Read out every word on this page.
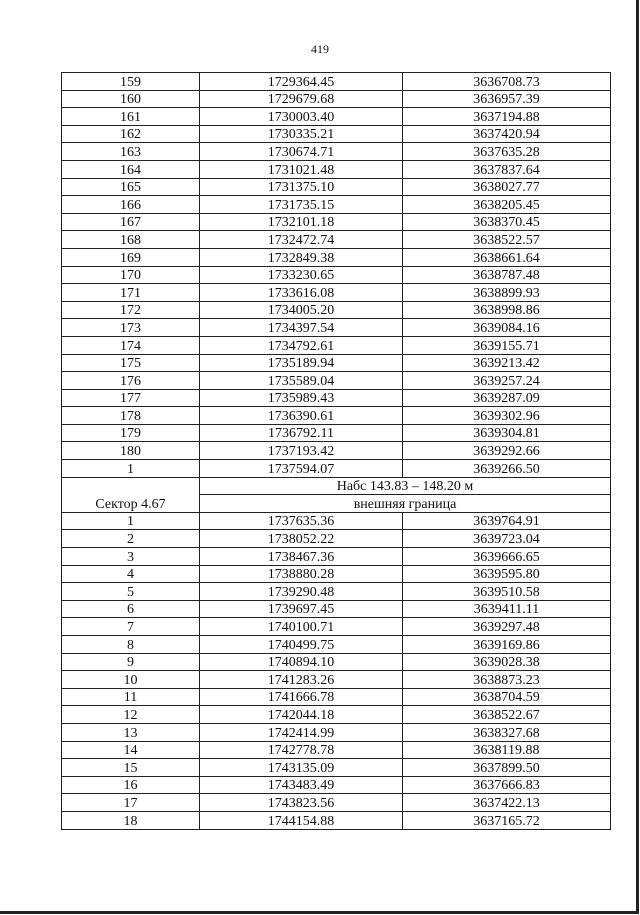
419
159	1729364.45	3636708.73
160	1729679.68	3636957.39
161	1730003.40	3637194.88
162	1730335.21	3637420.94
163	1730674.71	3637635.28
164	1731021.48	3637837.64
165	1731375.10	3638027.77
166	1731735.15	3638205.45
167	1732101.18	3638370.45
168	1732472.74	3638522.57
169	1732849.38	3638661.64
170	1733230.65	3638787.48
171	1733616.08	3638899.93
172	1734005.20	3638998.86
173	1734397.54	3639084.16
174	1734792.61	3639155.71
175	1735189.94	3639213.42
176	1735589.04	3639257.24
177	1735989.43	3639287.09
178	1736390.61	3639302.96
179	1736792.11	3639304.81
180	1737193.42	3639292.66
1	1737594.07	3639266.50
Сектор 4.67	Набс 143.83 – 148.20 м	
	внешняя граница	
1	1737635.36	3639764.91
2	1738052.22	3639723.04
3	1738467.36	3639666.65
4	1738880.28	3639595.80
5	1739290.48	3639510.58
6	1739697.45	3639411.11
7	1740100.71	3639297.48
8	1740499.75	3639169.86
9	1740894.10	3639028.38
10	1741283.26	3638873.23
11	1741666.78	3638704.59
12	1742044.18	3638522.67
13	1742414.99	3638327.68
14	1742778.78	3638119.88
15	1743135.09	3637899.50
16	1743483.49	3637666.83
17	1743823.56	3637422.13
18	1744154.88	3637165.72
